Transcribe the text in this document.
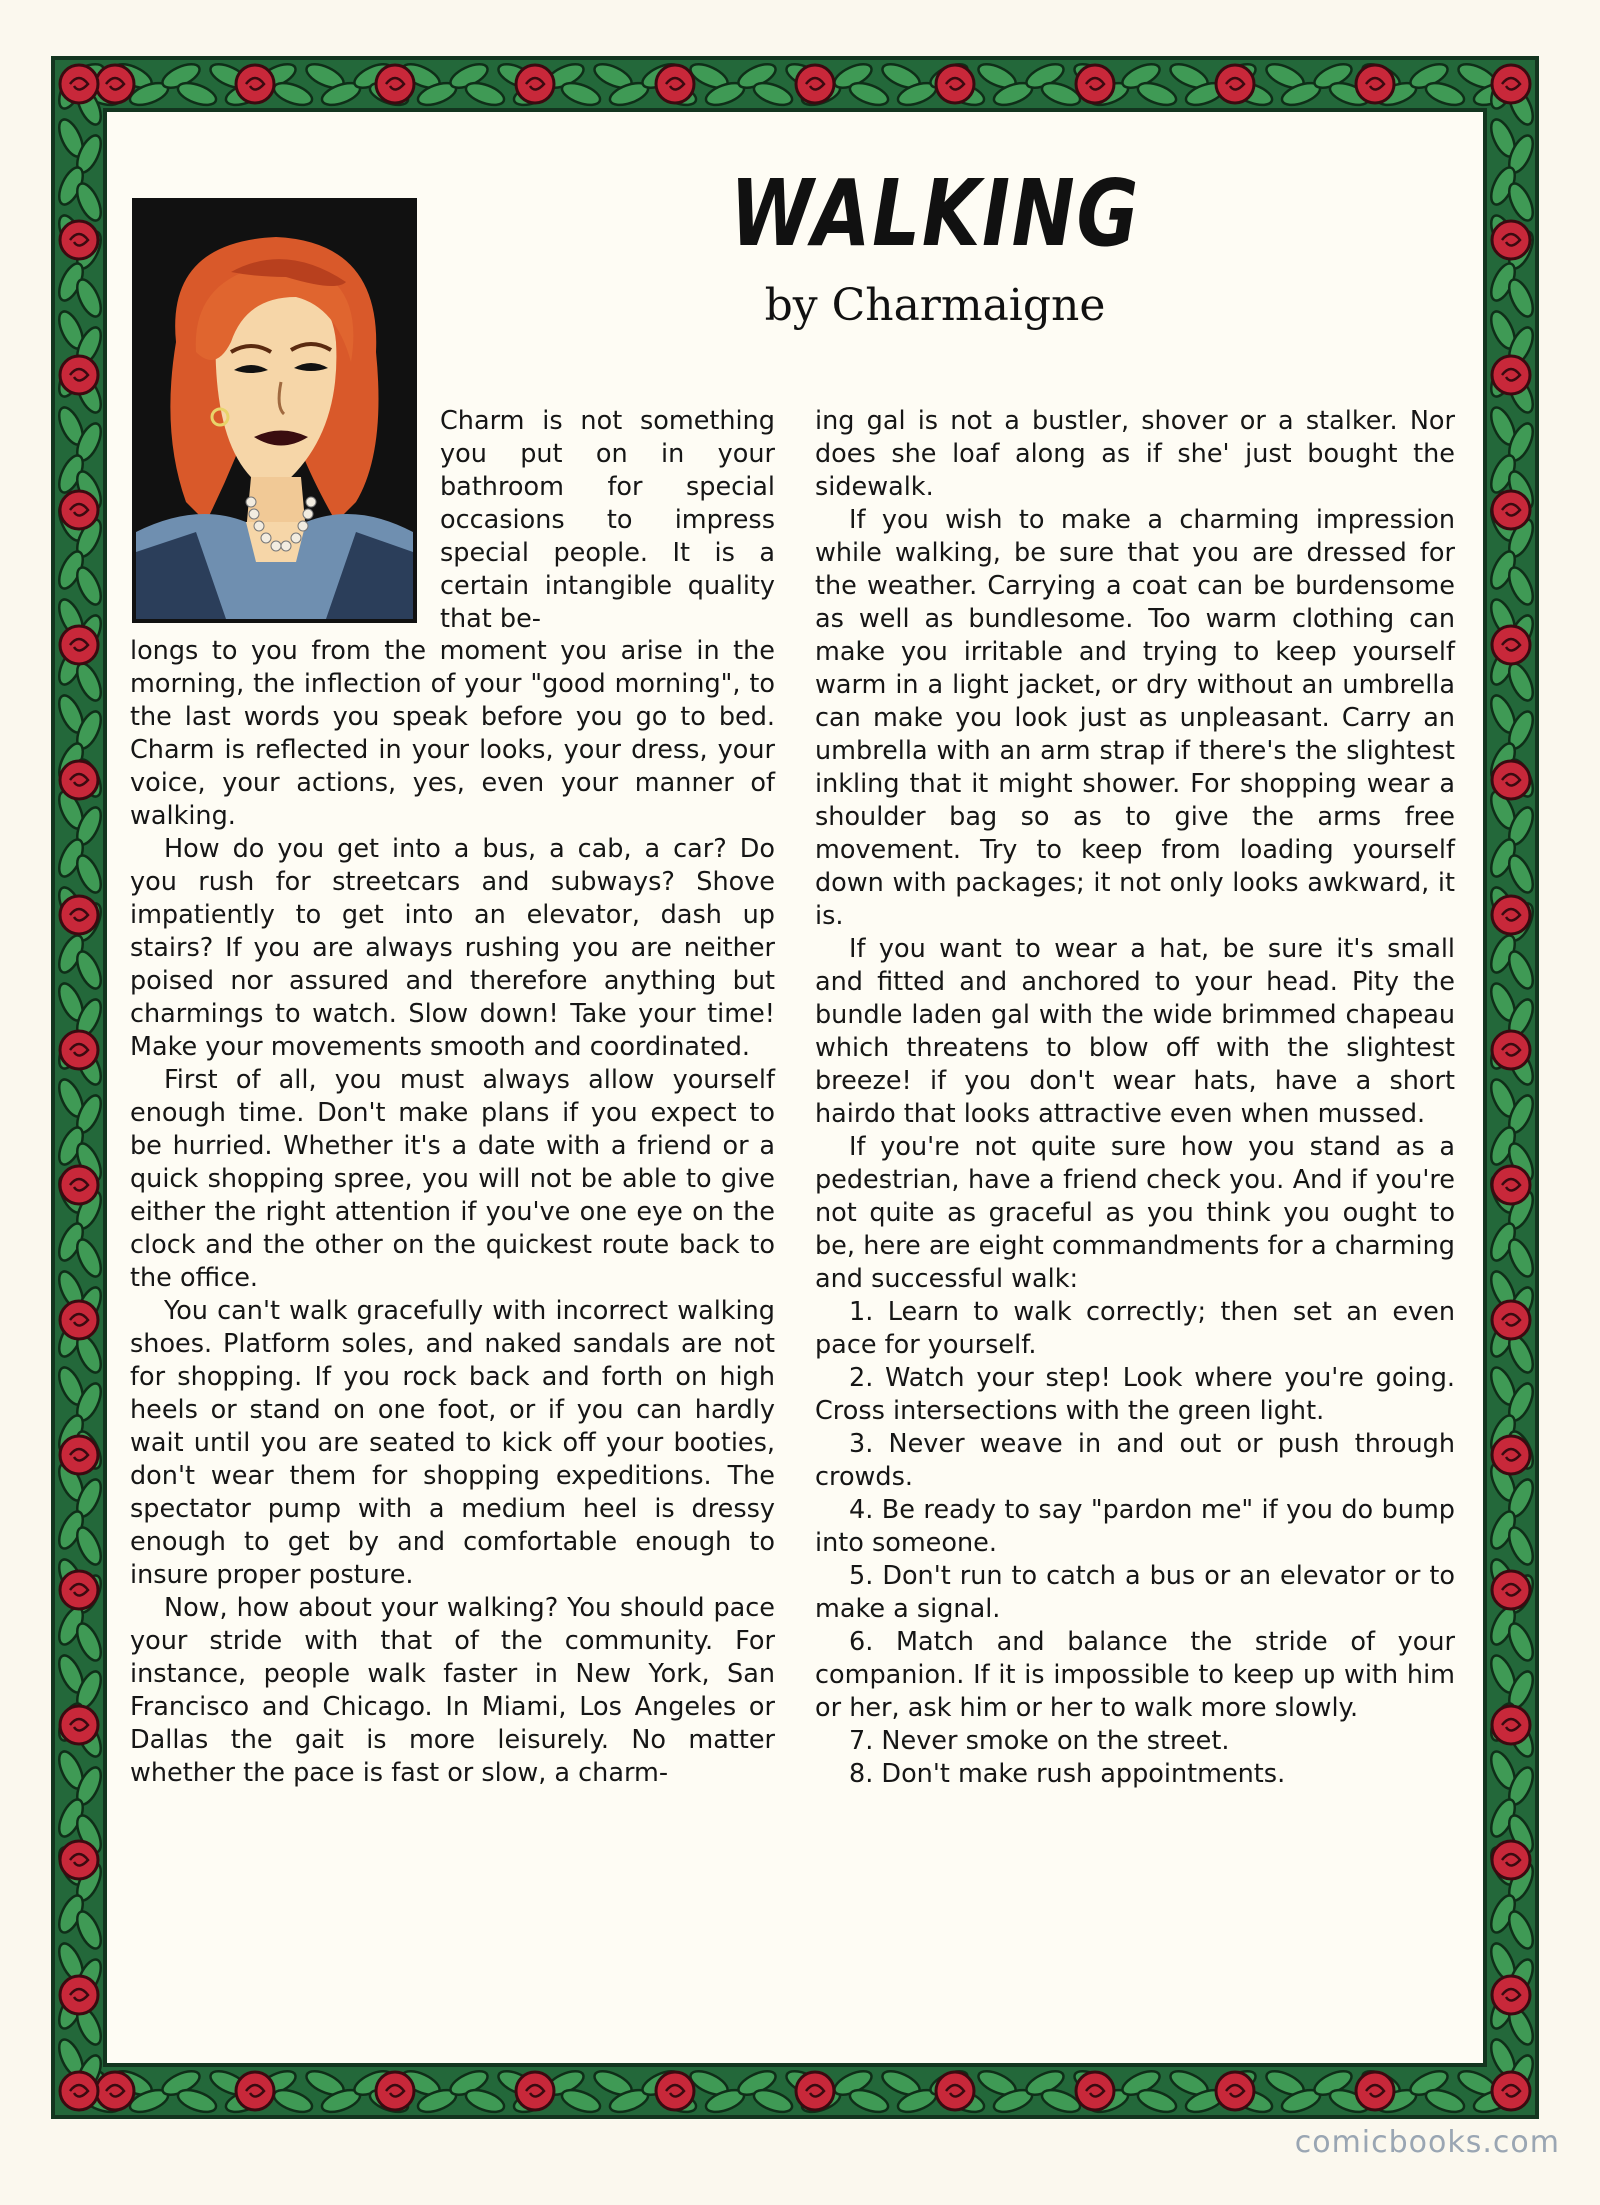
WALKING
by Charmaigne

Charm is not something you put on in your bathroom for special occasions to impress special people. It is a certain intangible quality that be-

longs to you from the moment you arise in the morning, the inflection of your "good morning", to the last words you speak before you go to bed. Charm is reflected in your looks, your dress, your voice, your actions, yes, even your manner of walking.

How do you get into a bus, a cab, a car? Do you rush for streetcars and subways? Shove impatiently to get into an elevator, dash up stairs? If you are always rushing you are neither poised nor assured and therefore anything but charmings to watch. Slow down! Take your time! Make your movements smooth and coordinated.

First of all, you must always allow yourself enough time. Don't make plans if you expect to be hurried. Whether it's a date with a friend or a quick shopping spree, you will not be able to give either the right attention if you've one eye on the clock and the other on the quickest route back to the office.

You can't walk gracefully with incorrect walking shoes. Platform soles, and naked sandals are not for shopping. If you rock back and forth on high heels or stand on one foot, or if you can hardly wait until you are seated to kick off your booties, don't wear them for shopping expeditions. The spectator pump with a medium heel is dressy enough to get by and comfortable enough to insure proper posture.

Now, how about your walking? You should pace your stride with that of the community. For instance, people walk faster in New York, San Francisco and Chicago. In Miami, Los Angeles or Dallas the gait is more leisurely. No matter whether the pace is fast or slow, a charm-

ing gal is not a bustler, shover or a stalker. Nor does she loaf along as if she' just bought the sidewalk.

If you wish to make a charming impression while walking, be sure that you are dressed for the weather. Carrying a coat can be burdensome as well as bundlesome. Too warm clothing can make you irritable and trying to keep yourself warm in a light jacket, or dry without an umbrella can make you look just as unpleasant. Carry an umbrella with an arm strap if there's the slightest inkling that it might shower. For shopping wear a shoulder bag so as to give the arms free movement. Try to keep from loading yourself down with packages; it not only looks awkward, it is.

If you want to wear a hat, be sure it's small and fitted and anchored to your head. Pity the bundle laden gal with the wide brimmed chapeau which threatens to blow off with the slightest breeze! if you don't wear hats, have a short hairdo that looks attractive even when mussed.

If you're not quite sure how you stand as a pedestrian, have a friend check you. And if you're not quite as graceful as you think you ought to be, here are eight commandments for a charming and successful walk:

1. Learn to walk correctly; then set an even pace for yourself.

2. Watch your step! Look where you're going. Cross intersections with the green light.

3. Never weave in and out or push through crowds.

4. Be ready to say "pardon me" if you do bump into someone.

5. Don't run to catch a bus or an elevator or to make a signal.

6. Match and balance the stride of your companion. If it is impossible to keep up with him or her, ask him or her to walk more slowly.

7. Never smoke on the street.

8. Don't make rush appointments.

comicbooks.com
